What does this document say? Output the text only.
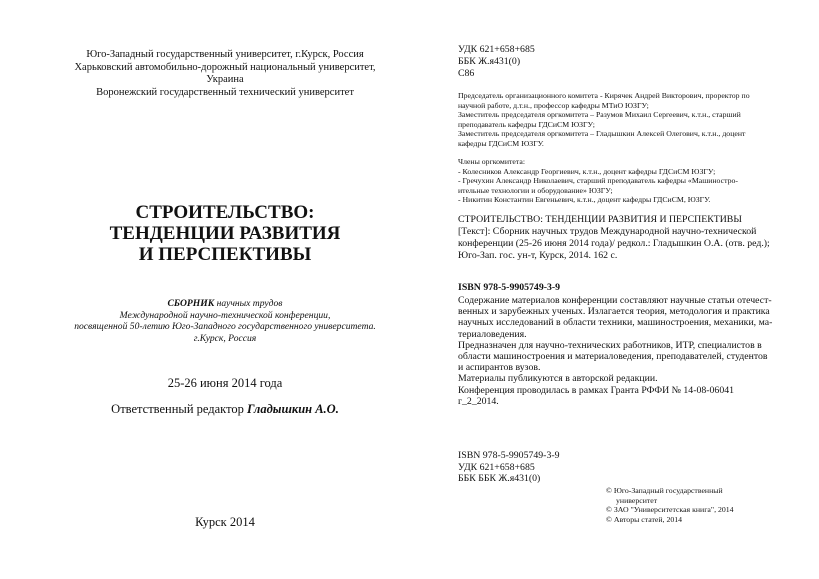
Юго-Западный государственный университет, г.Курск, Россия
Харьковский автомобильно-дорожный национальный университет,
Украина
Воронежский государственный технический университет
СТРОИТЕЛЬСТВО:
ТЕНДЕНЦИИ РАЗВИТИЯ
И ПЕРСПЕКТИВЫ
СБОРНИК научных трудов
Международной научно-технической конференции,
посвященной 50-летию Юго-Западного государственного университета.
г.Курск, Россия
25-26 июня 2014 года
Ответственный редактор Гладышкин А.О.
Курск 2014
УДК 621+658+685
ББК Ж.я431(0)
С86
Председатель организационного комитета - Кирячек Андрей Викторович, проректор по
научной работе, д.т.н., профессор кафедры МТиО ЮЗГУ;
Заместитель председателя оргкомитета – Разумов Михаил Сергеевич, к.т.н., старший
преподаватель кафедры ГДСиСМ ЮЗГУ;
Заместитель председателя оргкомитета – Гладышкин Алексей Олегович, к.т.н., доцент
кафедры ГДСиСМ ЮЗГУ.
Члены оргкомитета:
- Колесников Александр Георгиевич, к.т.н., доцент кафедры ГДСиСМ ЮЗГУ;
- Гречухин Александр Николаевич, старший преподаватель кафедры «Машиностро-
ительные технологии и оборудование» ЮЗГУ;
- Никитин Константин Евгеньевич, к.т.н., доцент кафедры ГДСиСМ, ЮЗГУ.
СТРОИТЕЛЬСТВО: ТЕНДЕНЦИИ РАЗВИТИЯ И ПЕРСПЕКТИВЫ
[Текст]: Сборник научных трудов Международной научно-технической
конференции (25-26 июня 2014 года)/ редкол.: Гладышкин О.А. (отв. ред.);
Юго-Зап. гос. ун-т, Курск, 2014. 162 с.
ISBN 978-5-9905749-3-9
Содержание материалов конференции составляют научные статьи отечест-
венных и зарубежных ученых. Излагается теория, методология и практика
научных исследований в области техники, машиностроения, механики, ма-
териаловедения.
Предназначен для научно-технических работников, ИТР, специалистов в
области машиностроения и материаловедения, преподавателей, студентов
и аспирантов вузов.
Материалы публикуются в авторской редакции.
Конференция проводилась в рамках Гранта РФФИ № 14-08-06041
г_2_2014.
ISBN 978-5-9905749-3-9
УДК 621+658+685
ББК ББК Ж.я431(0)
© Юго-Западный государственный
университет
© ЗАО "Университетская книга", 2014
© Авторы статей, 2014
